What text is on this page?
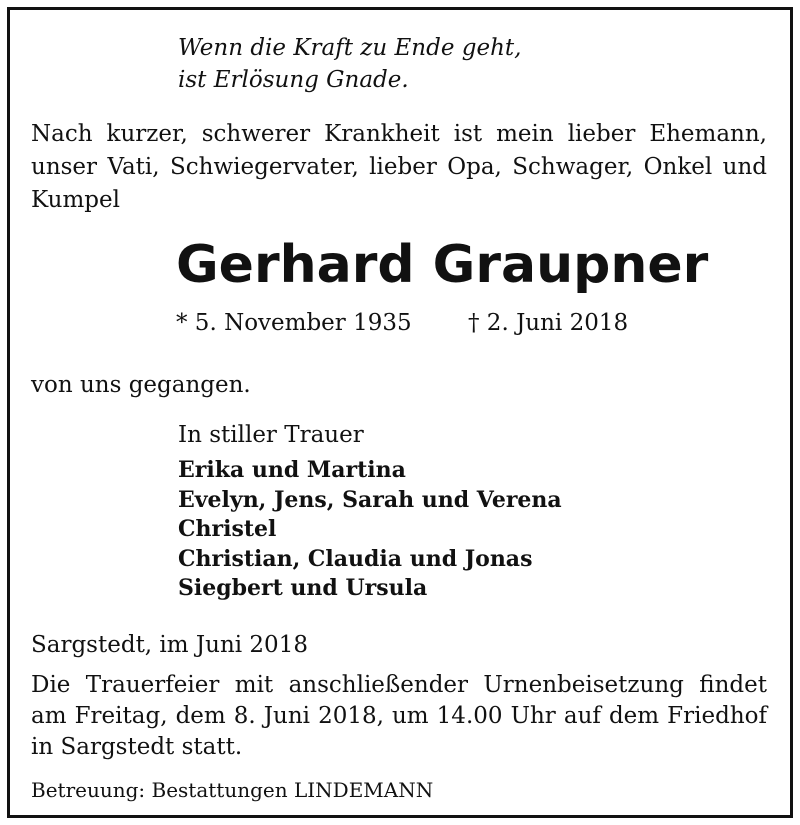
Wenn die Kraft zu Ende geht,
ist Erlösung Gnade.

Nach kurzer, schwerer Krankheit ist mein lieber Ehemann, unser Vati, Schwiegervater, lieber Opa, Schwager, Onkel und Kumpel

Gerhard Graupner
* 5. November 1935 † 2. Juni 2018
von uns gegangen.
In stiller Trauer
Erika und Martina
Evelyn, Jens, Sarah und Verena
Christel
Christian, Claudia und Jonas
Siegbert und Ursula
Sargstedt, im Juni 2018

Die Trauerfeier mit anschließender Urnenbeisetzung findet am Freitag, dem 8. Juni 2018, um 14.00 Uhr auf dem Friedhof in Sargstedt statt.

Betreuung: Bestattungen LINDEMANN
